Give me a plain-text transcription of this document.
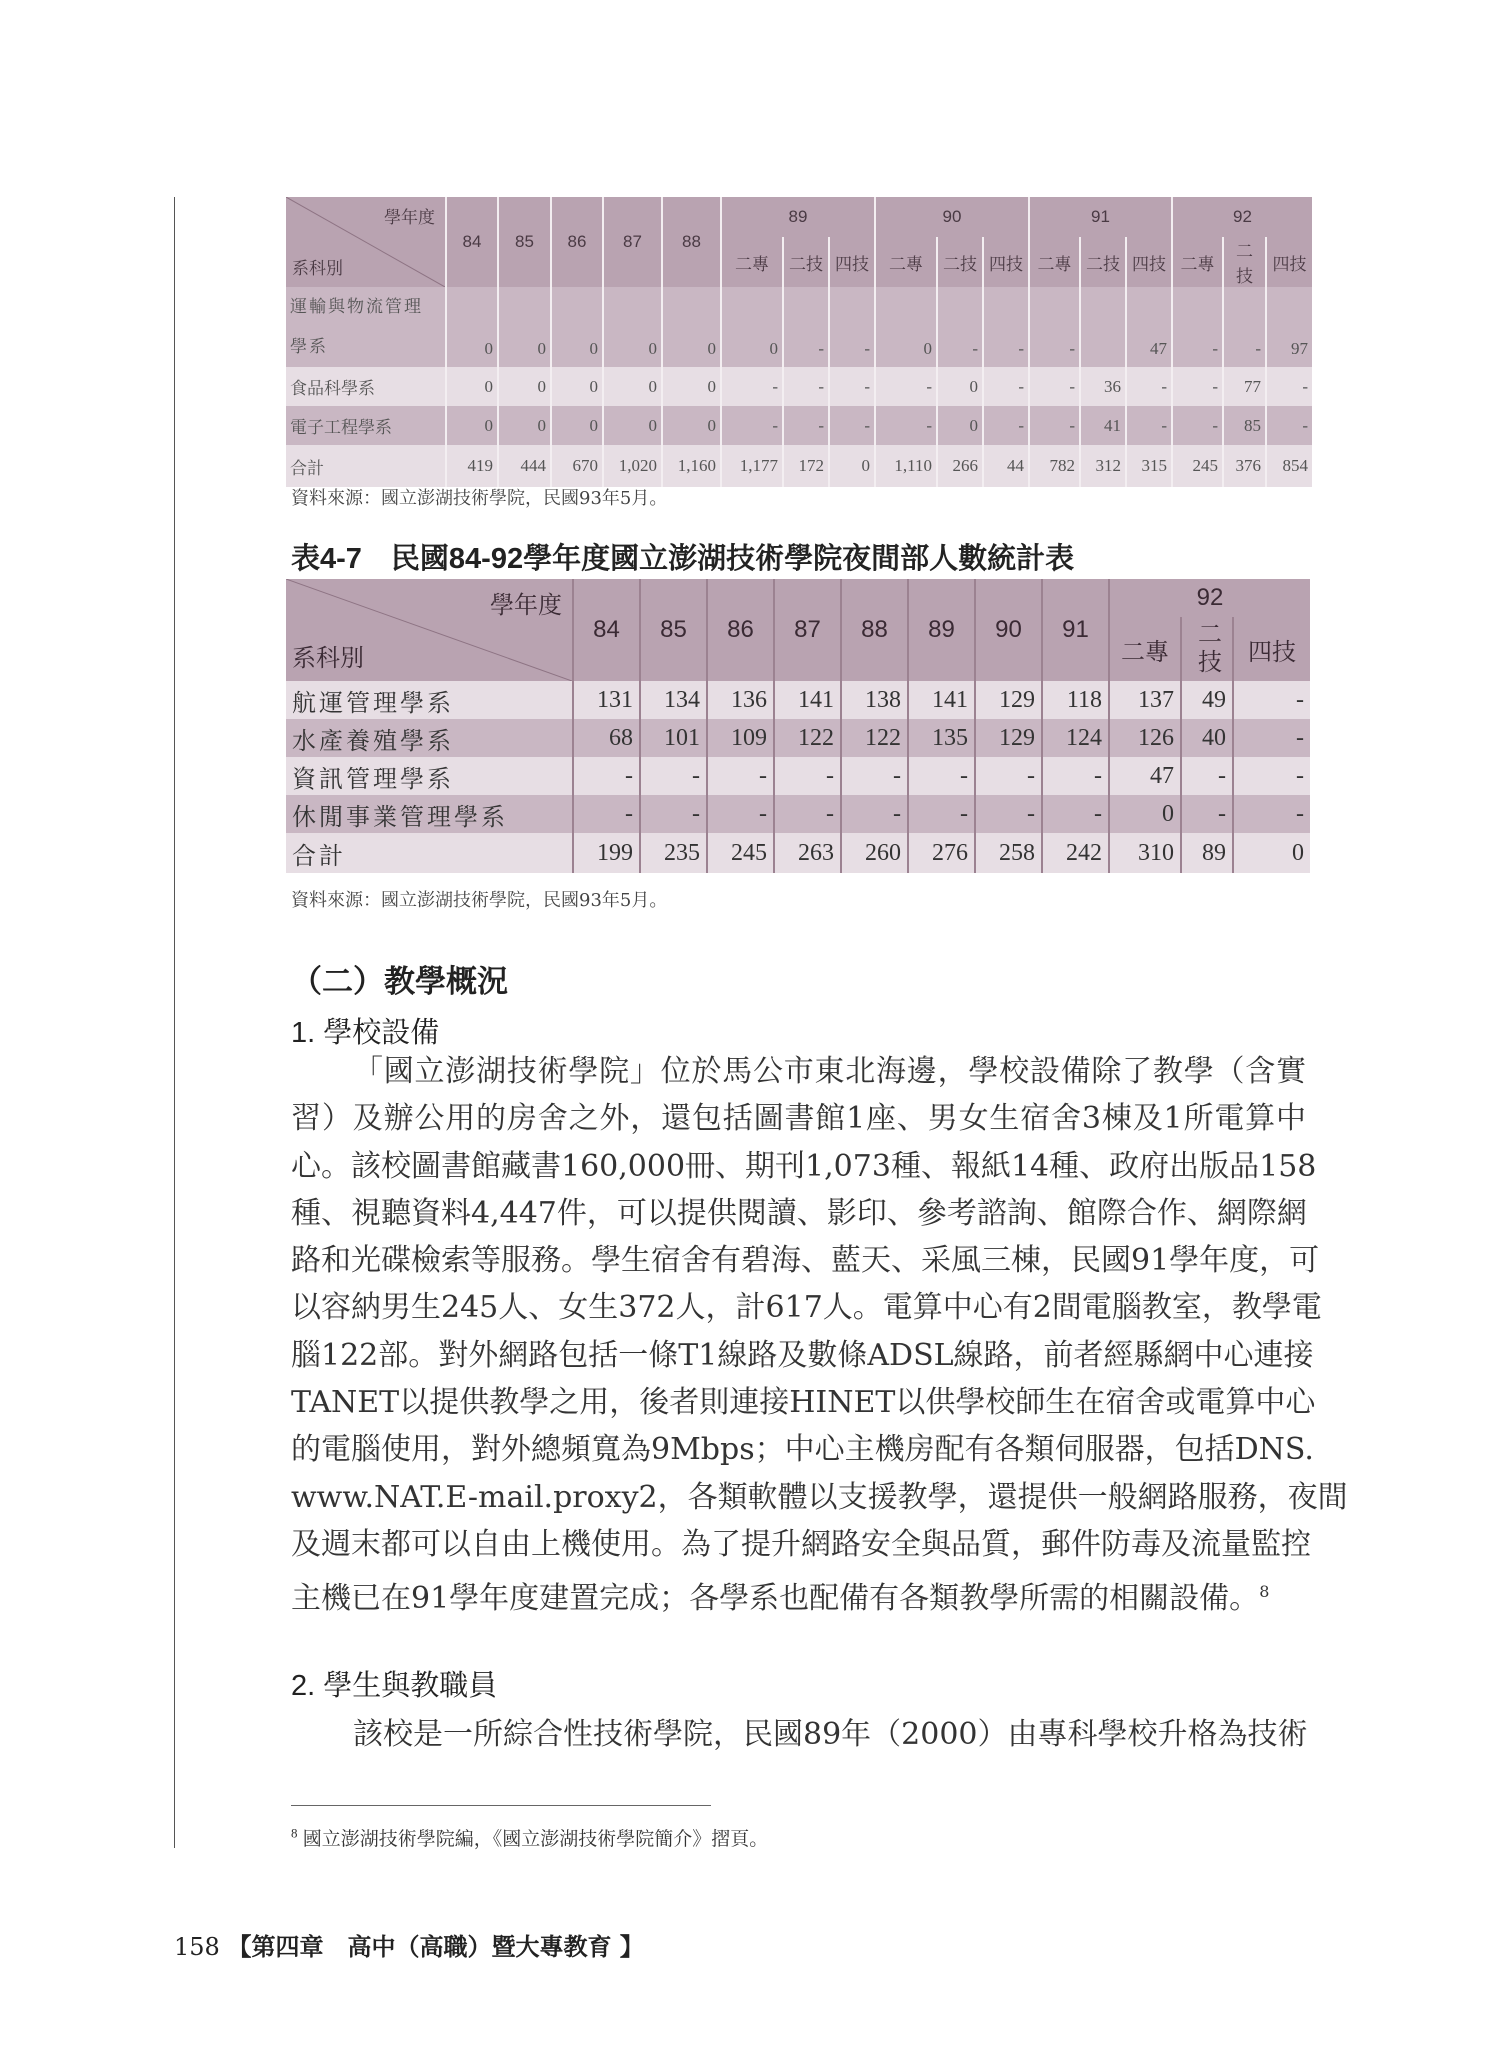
學年度
系科別	84	85	86	87	88	89			90			91			92		
						二專	二技	四技	二專	二技	四技	二專	二技	四技	二專	二技	四技
運輸與物流管理學系	0	0	0	0	0	0	-	-	0	-	-	-		47	-	-	97
食品科學系	0	0	0	0	0	-	-	-	-	0	-	-	36	-	-	77	-
電子工程學系	0	0	0	0	0	-	-	-	-	0	-	-	41	-	-	85	-
合計	419	444	670	1,020	1,160	1,177	172	0	1,110	266	44	782	312	315	245	376	854
資料來源：國立澎湖技術學院，民國93年5月。
表4-7　民國84-92學年度國立澎湖技術學院夜間部人數統計表
學年度
系科別	84	85	86	87	88	89	90	91	92		
									二專	二技	四技
航運管理學系	131	134	136	141	138	141	129	118	137	49	-
水產養殖學系	68	101	109	122	122	135	129	124	126	40	-
資訊管理學系	-	-	-	-	-	-	-	-	47	-	-
休閒事業管理學系	-	-	-	-	-	-	-	-	0	-	-
合計	199	235	245	263	260	276	258	242	310	89	0
資料來源：國立澎湖技術學院，民國93年5月。
（二）教學概況
1. 學校設備
「國立澎湖技術學院」位於馬公市東北海邊，學校設備除了教學（含實
習）及辦公用的房舍之外，還包括圖書館1座、男女生宿舍3棟及1所電算中
心。該校圖書館藏書160,000冊、期刊1,073種、報紙14種、政府出版品158
種、視聽資料4,447件，可以提供閱讀、影印、參考諮詢、館際合作、網際網
路和光碟檢索等服務。學生宿舍有碧海、藍天、采風三棟，民國91學年度，可
以容納男生245人、女生372人，計617人。電算中心有2間電腦教室，教學電
腦122部。對外網路包括一條T1線路及數條ADSL線路，前者經縣網中心連接
TANET以提供教學之用，後者則連接HINET以供學校師生在宿舍或電算中心
的電腦使用，對外總頻寬為9Mbps；中心主機房配有各類伺服器，包括DNS.
www.NAT.E-mail.proxy2，各類軟體以支援教學，還提供一般網路服務，夜間
及週末都可以自由上機使用。為了提升網路安全與品質，郵件防毒及流量監控
主機已在91學年度建置完成；各學系也配備有各類教學所需的相關設備。$^8$
2. 學生與教職員
該校是一所綜合性技術學院，民國89年（2000）由專科學校升格為技術
$^8$ 國立澎湖技術學院編，《國立澎湖技術學院簡介》摺頁。
158 【第四章　高中（高職）暨大專教育 】
